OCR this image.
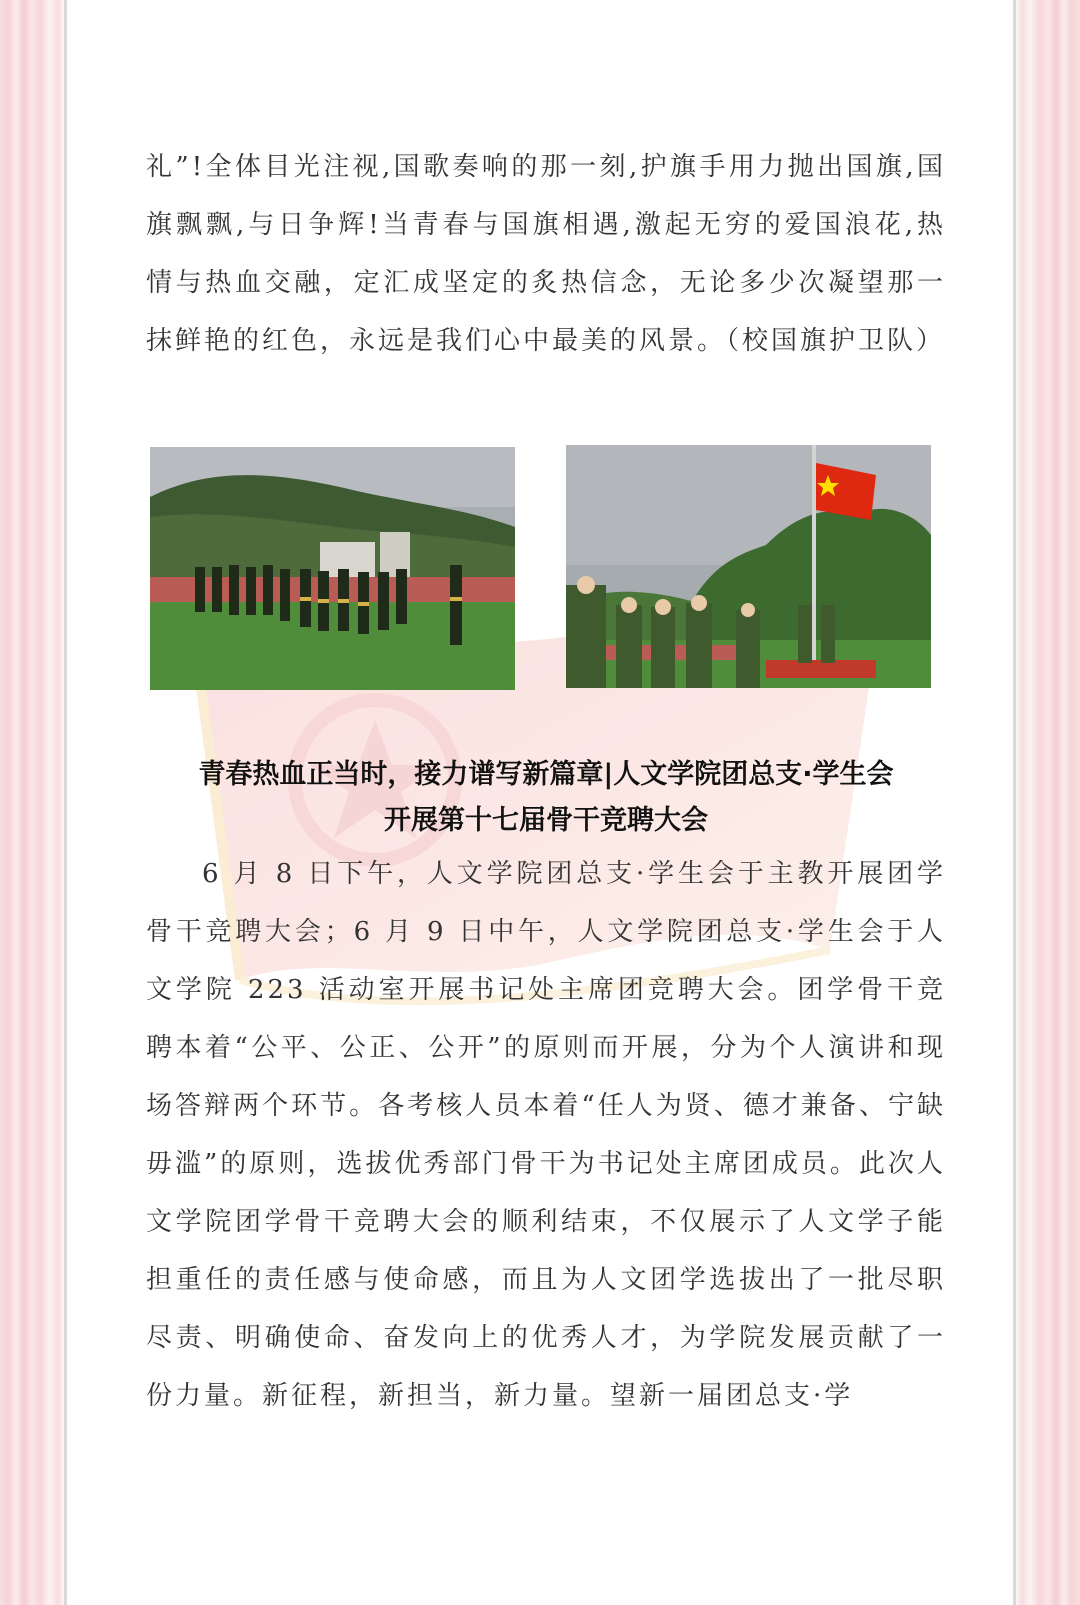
礼”!全体目光注视,国歌奏响的那一刻,护旗手用力抛出国旗,国旗飘飘,与日争辉!当青春与国旗相遇,激起无穷的爱国浪花,热情与热血交融，定汇成坚定的炙热信念，无论多少次凝望那一抹鲜艳的红色，永远是我们心中最美的风景。（校国旗护卫队）

青春热血正当时，接力谱写新篇章|人文学院团总支·学生会
开展第十七届骨干竞聘大会

6 月 8 日下午，人文学院团总支·学生会于主教开展团学骨干竞聘大会；6 月 9 日中午，人文学院团总支·学生会于人文学院 223 活动室开展书记处主席团竞聘大会。团学骨干竞聘本着“公平、公正、公开”的原则而开展，分为个人演讲和现场答辩两个环节。各考核人员本着“任人为贤、德才兼备、宁缺毋滥”的原则，选拔优秀部门骨干为书记处主席团成员。此次人文学院团学骨干竞聘大会的顺利结束，不仅展示了人文学子能担重任的责任感与使命感，而且为人文团学选拔出了一批尽职尽责、明确使命、奋发向上的优秀人才，为学院发展贡献了一份力量。新征程，新担当，新力量。望新一届团总支·学
